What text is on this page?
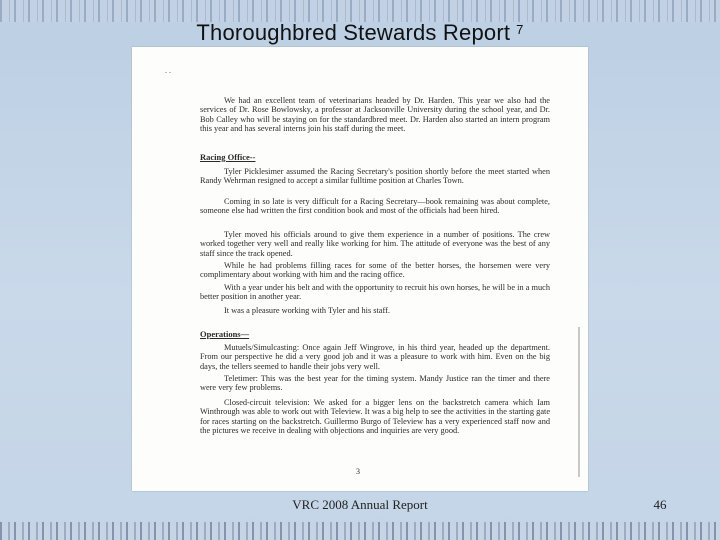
Thoroughbred Stewards Report $^7$
. .
We had an excellent team of veterinarians headed by Dr. Harden. This year we also had the services of Dr. Rose Bowlowsky, a professor at Jacksonville University during the school year, and Dr. Bob Calley who will be staying on for the standardbred meet. Dr. Harden also started an intern program this year and has several interns join his staff during the meet.
Racing Office--
Tyler Picklesimer assumed the Racing Secretary's position shortly before the meet started when Randy Wehrman resigned to accept a similar fulltime position at Charles Town.
Coming in so late is very difficult for a Racing Secretary—book remaining was about complete, someone else had written the first condition book and most of the officials had been hired.
Tyler moved his officials around to give them experience in a number of positions. The crew worked together very well and really like working for him. The attitude of everyone was the best of any staff since the track opened.
While he had problems filling races for some of the better horses, the horsemen were very complimentary about working with him and the racing office.
With a year under his belt and with the opportunity to recruit his own horses, he will be in a much better position in another year.
It was a pleasure working with Tyler and his staff.
Operations—
Mutuels/Simulcasting: Once again Jeff Wingrove, in his third year, headed up the department. From our perspective he did a very good job and it was a pleasure to work with him. Even on the big days, the tellers seemed to handle their jobs very well.
Teletimer: This was the best year for the timing system. Mandy Justice ran the timer and there were very few problems.
Closed-circuit television: We asked for a bigger lens on the backstretch camera which Iam Winthrough was able to work out with Teleview. It was a big help to see the activities in the starting gate for races starting on the backstretch. Guillermo Burgo of Teleview has a very experienced staff now and the pictures we receive in dealing with objections and inquiries are very good.
3
VRC 2008 Annual Report	46
